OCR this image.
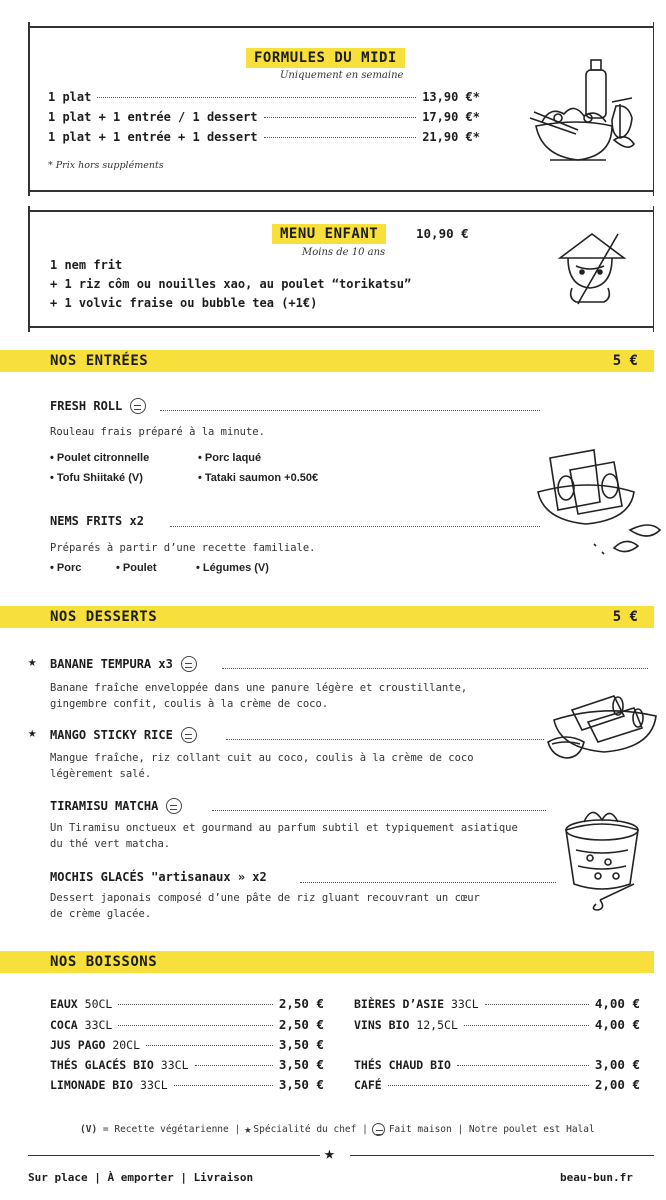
FORMULES DU MIDI
Uniquement en semaine
1 plat	13,90 €*
1 plat + 1 entrée / 1 dessert	17,90 €*
1 plat + 1 entrée + 1 dessert	21,90 €*
* Prix hors suppléments
MENU ENFANT	10,90 €
Moins de 10 ans
1 nem frit
+ 1 riz côm ou nouilles xao, au poulet “torikatsu”
+ 1 volvic fraise ou bubble tea (+1€)
NOS ENTRÉES	5 €
FRESH ROLL
Rouleau frais préparé à la minute.
• Poulet citronnelle	• Porc laqué
• Tofu Shiitaké (V)	• Tataki saumon +0.50€
NEMS FRITS x2
Préparés à partir d’une recette familiale.
• Porc	• Poulet	• Légumes (V)
NOS DESSERTS	5 €
★ BANANE TEMPURA x3
Banane fraîche enveloppée dans une panure légère et croustillante,
gingembre confit, coulis à la crème de coco.
★ MANGO STICKY RICE
Mangue fraîche, riz collant cuit au coco, coulis à la crème de coco
légèrement salé.
TIRAMISU MATCHA
Un Tiramisu onctueux et gourmand au parfum subtil et typiquement asiatique
du thé vert matcha.
MOCHIS GLACÉS "artisanaux » x2
Dessert japonais composé d’une pâte de riz gluant recouvrant un cœur
de crème glacée.
NOS BOISSONS
EAUX 50CL	2,50 €
COCA 33CL	2,50 €
JUS PAGO 20CL	3,50 €
THÉS GLACÉS BIO 33CL	3,50 €
LIMONADE BIO 33CL	3,50 €
BIÈRES D’ASIE 33CL	4,00 €
VINS BIO 12,5CL	4,00 €
THÉS CHAUD BIO	3,00 €
CAFÉ	2,00 €
(V)
= Recette végétarienne | ★ Spécialité du chef | Fait maison | Notre poulet est Halal
★
Sur place | À emporter | Livraison	beau-bun.fr
